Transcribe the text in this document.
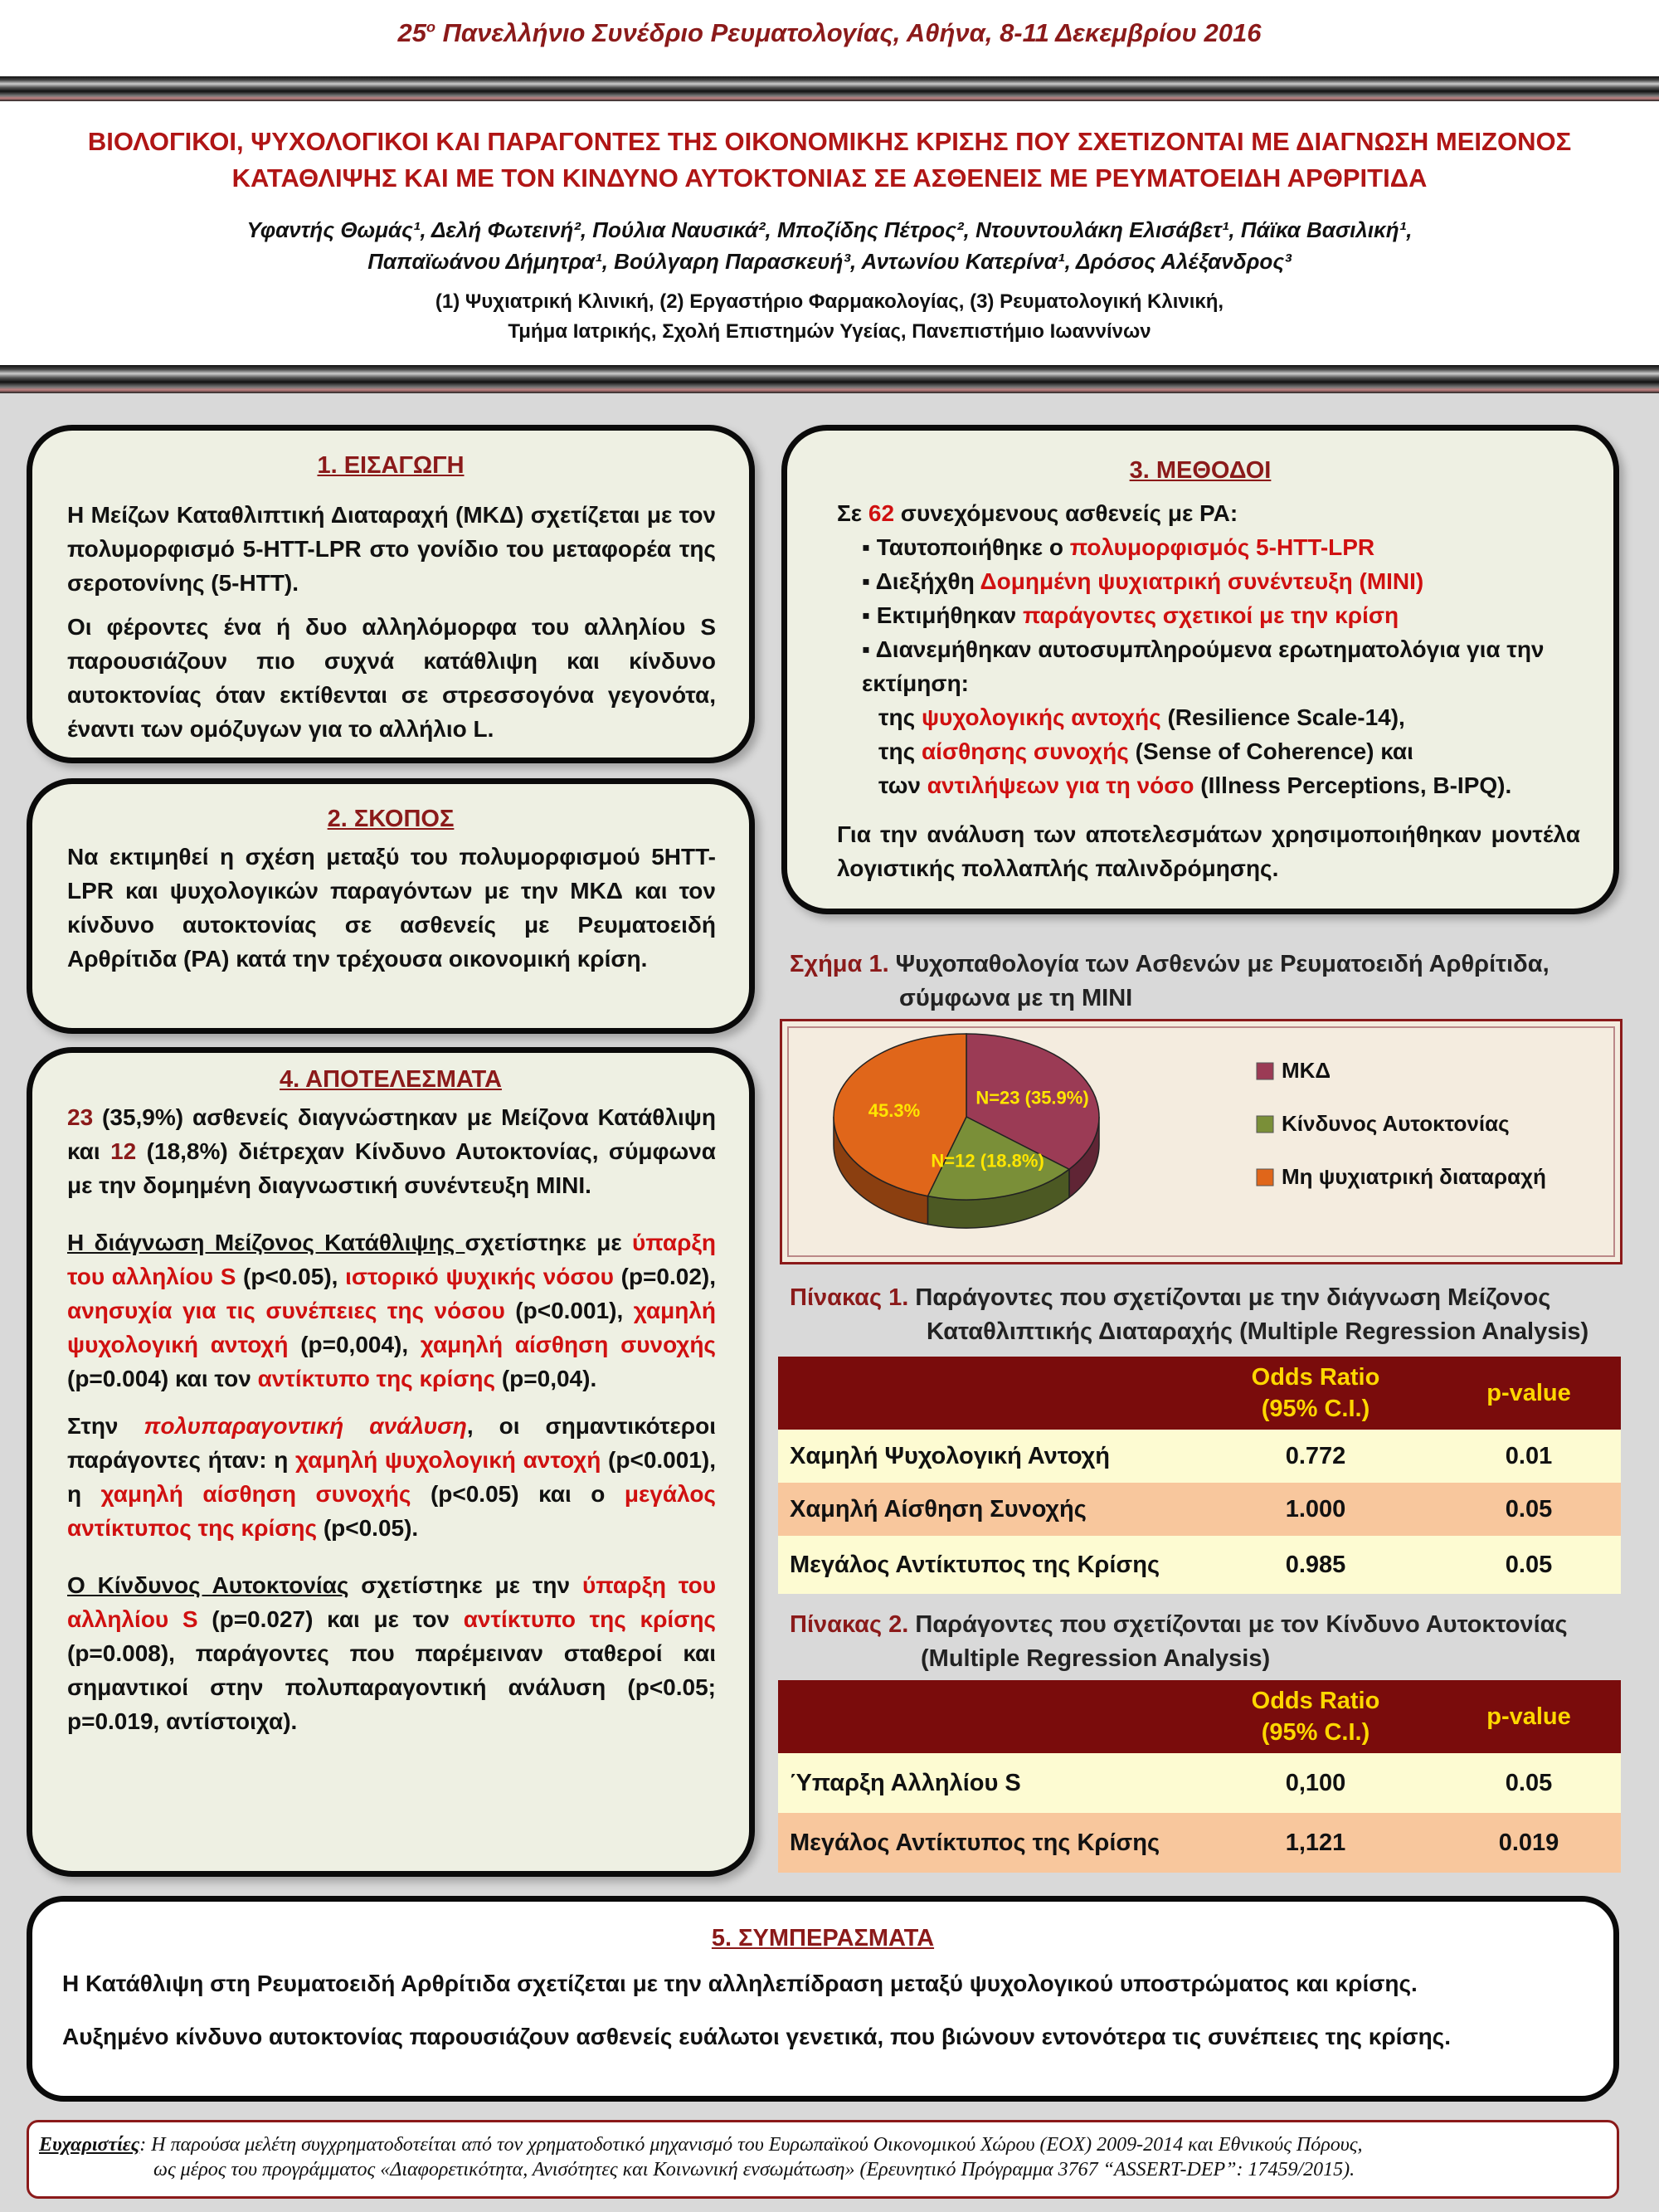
$25^o$ Πανελλήνιο Συνέδριο Ρευματολογίας, Αθήνα, 8-11 Δεκεμβρίου 2016
ΒΙΟΛΟΓΙΚΟΙ, ΨΥΧΟΛΟΓΙΚΟΙ ΚΑΙ ΠΑΡΑΓΟΝΤΕΣ ΤΗΣ ΟΙΚΟΝΟΜΙΚΗΣ ΚΡΙΣΗΣ ΠΟΥ ΣΧΕΤΙΖΟΝΤΑΙ ΜΕ ΔΙΑΓΝΩΣΗ ΜΕΙΖΟΝΟΣ
ΚΑΤΑΘΛΙΨΗΣ ΚΑΙ ΜΕ ΤΟΝ ΚΙΝΔΥΝΟ ΑΥΤΟΚΤΟΝΙΑΣ ΣΕ ΑΣΘΕΝΕΙΣ ΜΕ ΡΕΥΜΑΤΟΕΙΔΗ ΑΡΘΡΙΤΙΔΑ
Υφαντής Θωμάς¹, Δελή Φωτεινή², Πούλια Ναυσικά², Μποζίδης Πέτρος², Ντουντουλάκη Ελισάβετ¹, Πάϊκα Βασιλική¹,
Παπαϊωάνου Δήμητρα¹, Βούλγαρη Παρασκευή³, Αντωνίου Κατερίνα¹, Δρόσος Αλέξανδρος³
(1) Ψυχιατρική Κλινική, (2) Εργαστήριο Φαρμακολογίας, (3) Ρευματολογική Κλινική,
Τμήμα Ιατρικής, Σχολή Επιστημών Υγείας, Πανεπιστήμιο Ιωαννίνων
1. ΕΙΣΑΓΩΓΗ

Η Μείζων Καταθλιπτική Διαταραχή (ΜΚΔ) σχετίζεται με τον πολυμορφισμό 5-HTT-LPR στο γονίδιο του μεταφορέα της σεροτονίνης (5-HTT).

Οι φέροντες ένα ή δυο αλληλόμορφα του αλληλίου S παρουσιάζουν πιο συχνά κατάθλιψη και κίνδυνο αυτοκτονίας όταν εκτίθενται σε στρεσσογόνα γεγονότα, έναντι των ομόζυγων για το αλλήλιο L.

2. ΣΚΟΠΟΣ
Να εκτιμηθεί η σχέση μεταξύ του πολυμορφισμού 5HTT-LPR και ψυχολογικών παραγόντων με την ΜΚΔ και τον κίνδυνο αυτοκτονίας σε ασθενείς με Ρευματοειδή Αρθρίτιδα (ΡΑ) κατά την τρέχουσα οικονομική κρίση.
3. ΜΕΘΟΔΟΙ
Σε 62 συνεχόμενους ασθενείς με ΡΑ:
▪ Ταυτοποιήθηκε ο πολυμορφισμός 5-HTT-LPR
▪ Διεξήχθη Δομημένη ψυχιατρική συνέντευξη (MINI)
▪ Εκτιμήθηκαν παράγοντες σχετικοί με την κρίση
▪ Διανεμήθηκαν αυτοσυμπληρούμενα ερωτηματολόγια για την εκτίμηση:
της ψυχολογικής αντοχής (Resilience Scale-14),
της αίσθησης συνοχής (Sense of Coherence) και
των αντιλήψεων για τη νόσο (Illness Perceptions, B-IPQ).

Για την ανάλυση των αποτελεσμάτων χρησιμοποιήθηκαν μοντέλα λογιστικής πολλαπλής παλινδρόμησης.

Σχήμα 1. Ψυχοπαθολογία των Ασθενών με Ρευματοειδή Αρθρίτιδα,
σύμφωνα με τη MINI
N=23 (35.9%)
N=12 (18.8%)
45.3%
ΜΚΔ
Κίνδυνος Αυτοκτονίας
Μη ψυχιατρική διαταραχή
Πίνακας 1. Παράγοντες που σχετίζονται με την διάγνωση Μείζονος
Καταθλιπτικής Διαταραχής (Multiple Regression Analysis)
	Odds Ratio
(95% C.I.)	p-value
Χαμηλή Ψυχολογική Αντοχή	0.772	0.01
Χαμηλή Αίσθηση Συνοχής	1.000	0.05
Μεγάλος Αντίκτυπος της Κρίσης	0.985	0.05
Πίνακας 2. Παράγοντες που σχετίζονται με τον Κίνδυνο Αυτοκτονίας
(Multiple Regression Analysis)
	Odds Ratio
(95% C.I.)	p-value
Ύπαρξη Αλληλίου S	0,100	0.05
Μεγάλος Αντίκτυπος της Κρίσης	1,121	0.019
4. ΑΠΟΤΕΛΕΣΜΑΤΑ

23 (35,9%) ασθενείς διαγνώστηκαν με Μείζονα Κατάθλιψη και 12 (18,8%) διέτρεχαν Κίνδυνο Αυτοκτονίας, σύμφωνα με την δομημένη διαγνωστική συνέντευξη MINI.

Η διάγνωση Μείζονος Κατάθλιψης σχετίστηκε με ύπαρξη του αλληλίου S (p<0.05), ιστορικό ψυχικής νόσου (p=0.02), ανησυχία για τις συνέπειες της νόσου (p<0.001), χαμηλή ψυχολογική αντοχή (p=0,004), χαμηλή αίσθηση συνοχής (p=0.004) και τον αντίκτυπο της κρίσης (p=0,04).

Στην πολυπαραγοντική ανάλυση, οι σημαντικότεροι παράγοντες ήταν: η χαμηλή ψυχολογική αντοχή (p<0.001), η χαμηλή αίσθηση συνοχής (p<0.05) και ο μεγάλος αντίκτυπος της κρίσης (p<0.05).

Ο Κίνδυνος Αυτοκτονίας σχετίστηκε με την ύπαρξη του αλληλίου S (p=0.027) και με τον αντίκτυπο της κρίσης (p=0.008), παράγοντες που παρέμειναν σταθεροί και σημαντικοί στην πολυπαραγοντική ανάλυση (p<0.05; p=0.019, αντίστοιχα).

5. ΣΥΜΠΕΡΑΣΜΑΤΑ
Η Κατάθλιψη στη Ρευματοειδή Αρθρίτιδα σχετίζεται με την αλληλεπίδραση μεταξύ ψυχολογικού υποστρώματος και κρίσης.
Αυξημένο κίνδυνο αυτοκτονίας παρουσιάζουν ασθενείς ευάλωτοι γενετικά, που βιώνουν εντονότερα τις συνέπειες της κρίσης.
Ευχαριστίες: Η παρούσα μελέτη συγχρηματοδοτείται από τον χρηματοδοτικό μηχανισμό του Ευρωπαϊκού Οικονομικού Χώρου (ΕΟΧ) 2009-2014 και Εθνικούς Πόρους,
ως μέρος του προγράμματος «Διαφορετικότητα, Ανισότητες και Κοινωνική ενσωμάτωση» (Ερευνητικό Πρόγραμμα 3767 “ASSERT-DEP”: 17459/2015).
